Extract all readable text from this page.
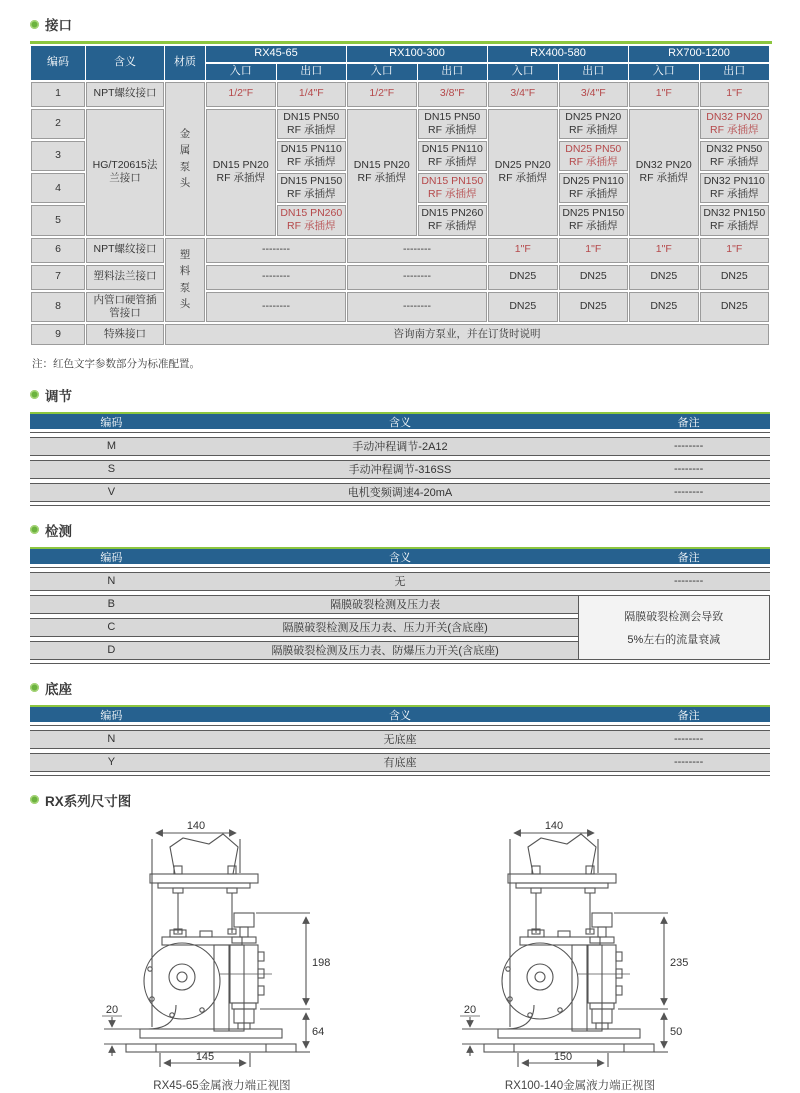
接口
编码	含义	材质	RX45-65		RX100-300		RX400-580		RX700-1200	
			入口	出口	入口	出口	入口	出口	入口	出口
1	NPT螺纹接口	金属泵头	1/2"F	1/4"F	1/2"F	3/8"F	3/4"F	3/4"F	1"F	1"F
2	HG/T20615法兰接口		DN15 PN20 RF 承插焊	DN15 PN50 RF 承插焊	DN15 PN20 RF 承插焊	DN15 PN50 RF 承插焊	DN25 PN20 RF 承插焊	DN25 PN20 RF 承插焊	DN32 PN20 RF 承插焊	DN32 PN20 RF 承插焊
3				DN15 PN110 RF 承插焊		DN15 PN110 RF 承插焊		DN25 PN50 RF 承插焊		DN32 PN50 RF 承插焊
4				DN15 PN150 RF 承插焊		DN15 PN150 RF 承插焊		DN25 PN110 RF 承插焊		DN32 PN110 RF 承插焊
5				DN15 PN260 RF 承插焊		DN15 PN260 RF 承插焊		DN25 PN150 RF 承插焊		DN32 PN150 RF 承插焊
6	NPT螺纹接口	塑料泵头	--------		--------		1"F	1"F	1"F	1"F
7	塑料法兰接口		--------		--------		DN25	DN25	DN25	DN25
8	内管口硬管插管接口		--------		--------		DN25	DN25	DN25	DN25
9	特殊接口	咨询南方泵业，并在订货时说明								
注：红色文字参数部分为标准配置。
调节
编码	含义	备注
M	手动冲程调节-2A12	--------
S	手动冲程调节-316SS	--------
V	电机变频调速4-20mA	--------
检测
编码	含义	备注
N	无	--------
B	隔膜破裂检测及压力表
C	隔膜破裂检测及压力表、压力开关(含底座)
D	隔膜破裂检测及压力表、防爆压力开关(含底座)
隔膜破裂检测会导致
5%左右的流量衰减
底座
编码	含义	备注
N	无底座	--------
Y	有底座	--------
RX系列尺寸图
140
198
64
20
145
RX45-65金属液力端正视图
140
235
50
20
150
RX100-140金属液力端正视图
